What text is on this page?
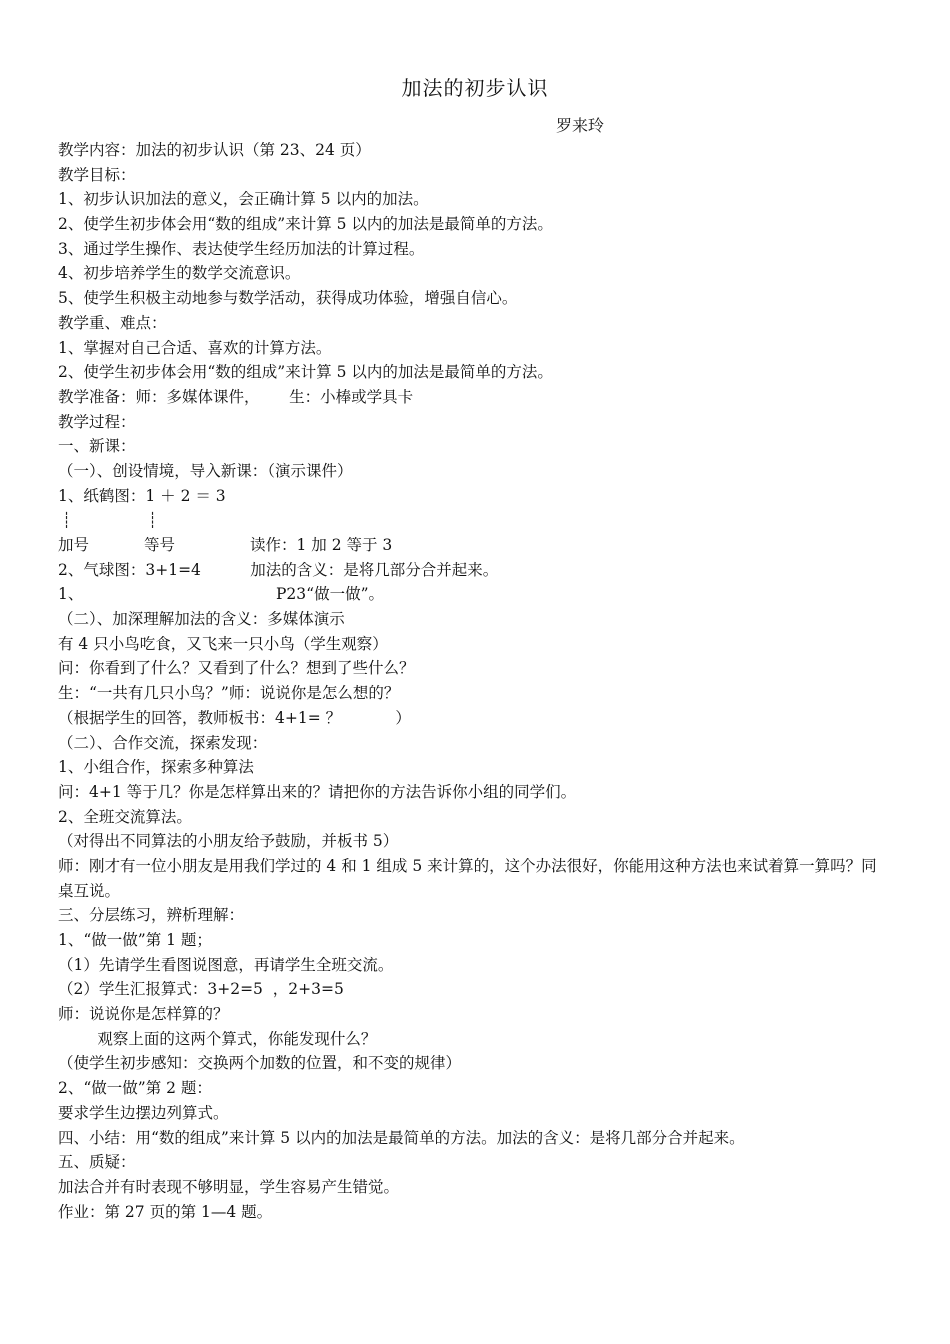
加法的初步认识
罗来玲
教学内容：加法的初步认识（第 23、24 页）
教学目标：
1、初步认识加法的意义，会正确计算 5 以内的加法。
2、使学生初步体会用“数的组成”来计算 5 以内的加法是最简单的方法。
3、通过学生操作、表达使学生经历加法的计算过程。
4、初步培养学生的数学交流意识。
5、使学生积极主动地参与数学活动，获得成功体验，增强自信心。
教学重、难点：
1、掌握对自己合适、喜欢的计算方法。
2、使学生初步体会用“数的组成”来计算 5 以内的加法是最简单的方法。
教学准备：师：多媒体课件，      生：小棒或学具卡
教学过程：
一、新课：
（一）、创设情境，导入新课：（演示课件）
1、纸鹤图：1 ＋ 2 ＝ 3
┊	┊

加号

	等号

	读作：1 加 2 等于 3

2、气球图：3+1=4          加法的含义：是将几部分合并起来。

1、

	P23“做一做”。

（二）、加深理解加法的含义：多媒体演示
有 4 只小鸟吃食，又飞来一只小鸟（学生观察）
问：你看到了什么？又看到了什么？想到了些什么？
生：“一共有几只小鸟？”师：说说你是怎么想的？
（根据学生的回答，教师板书：4+1= ？           ）
（二）、合作交流，探索发现：
1、小组合作，探索多种算法
问：4+1 等于几？你是怎样算出来的？请把你的方法告诉你小组的同学们。
2、全班交流算法。
（对得出不同算法的小朋友给予鼓励，并板书 5）
师：刚才有一位小朋友是用我们学过的 4 和 1 组成 5 来计算的，这个办法很好，你能用这种方法也来试着算一算吗？同桌互说。
三、分层练习，辨析理解：
1、“做一做”第 1 题；
（1）先请学生看图说图意，再请学生全班交流。
（2）学生汇报算式：3+2=5  ，2+3=5
师：说说你是怎样算的？
观察上面的这两个算式，你能发现什么？
（使学生初步感知：交换两个加数的位置，和不变的规律）
2、“做一做”第 2 题：
要求学生边摆边列算式。
四、小结：用“数的组成”来计算 5 以内的加法是最简单的方法。加法的含义：是将几部分合并起来。
五、质疑：
加法合并有时表现不够明显，学生容易产生错觉。
作业：第 27 页的第 1—4 题。
